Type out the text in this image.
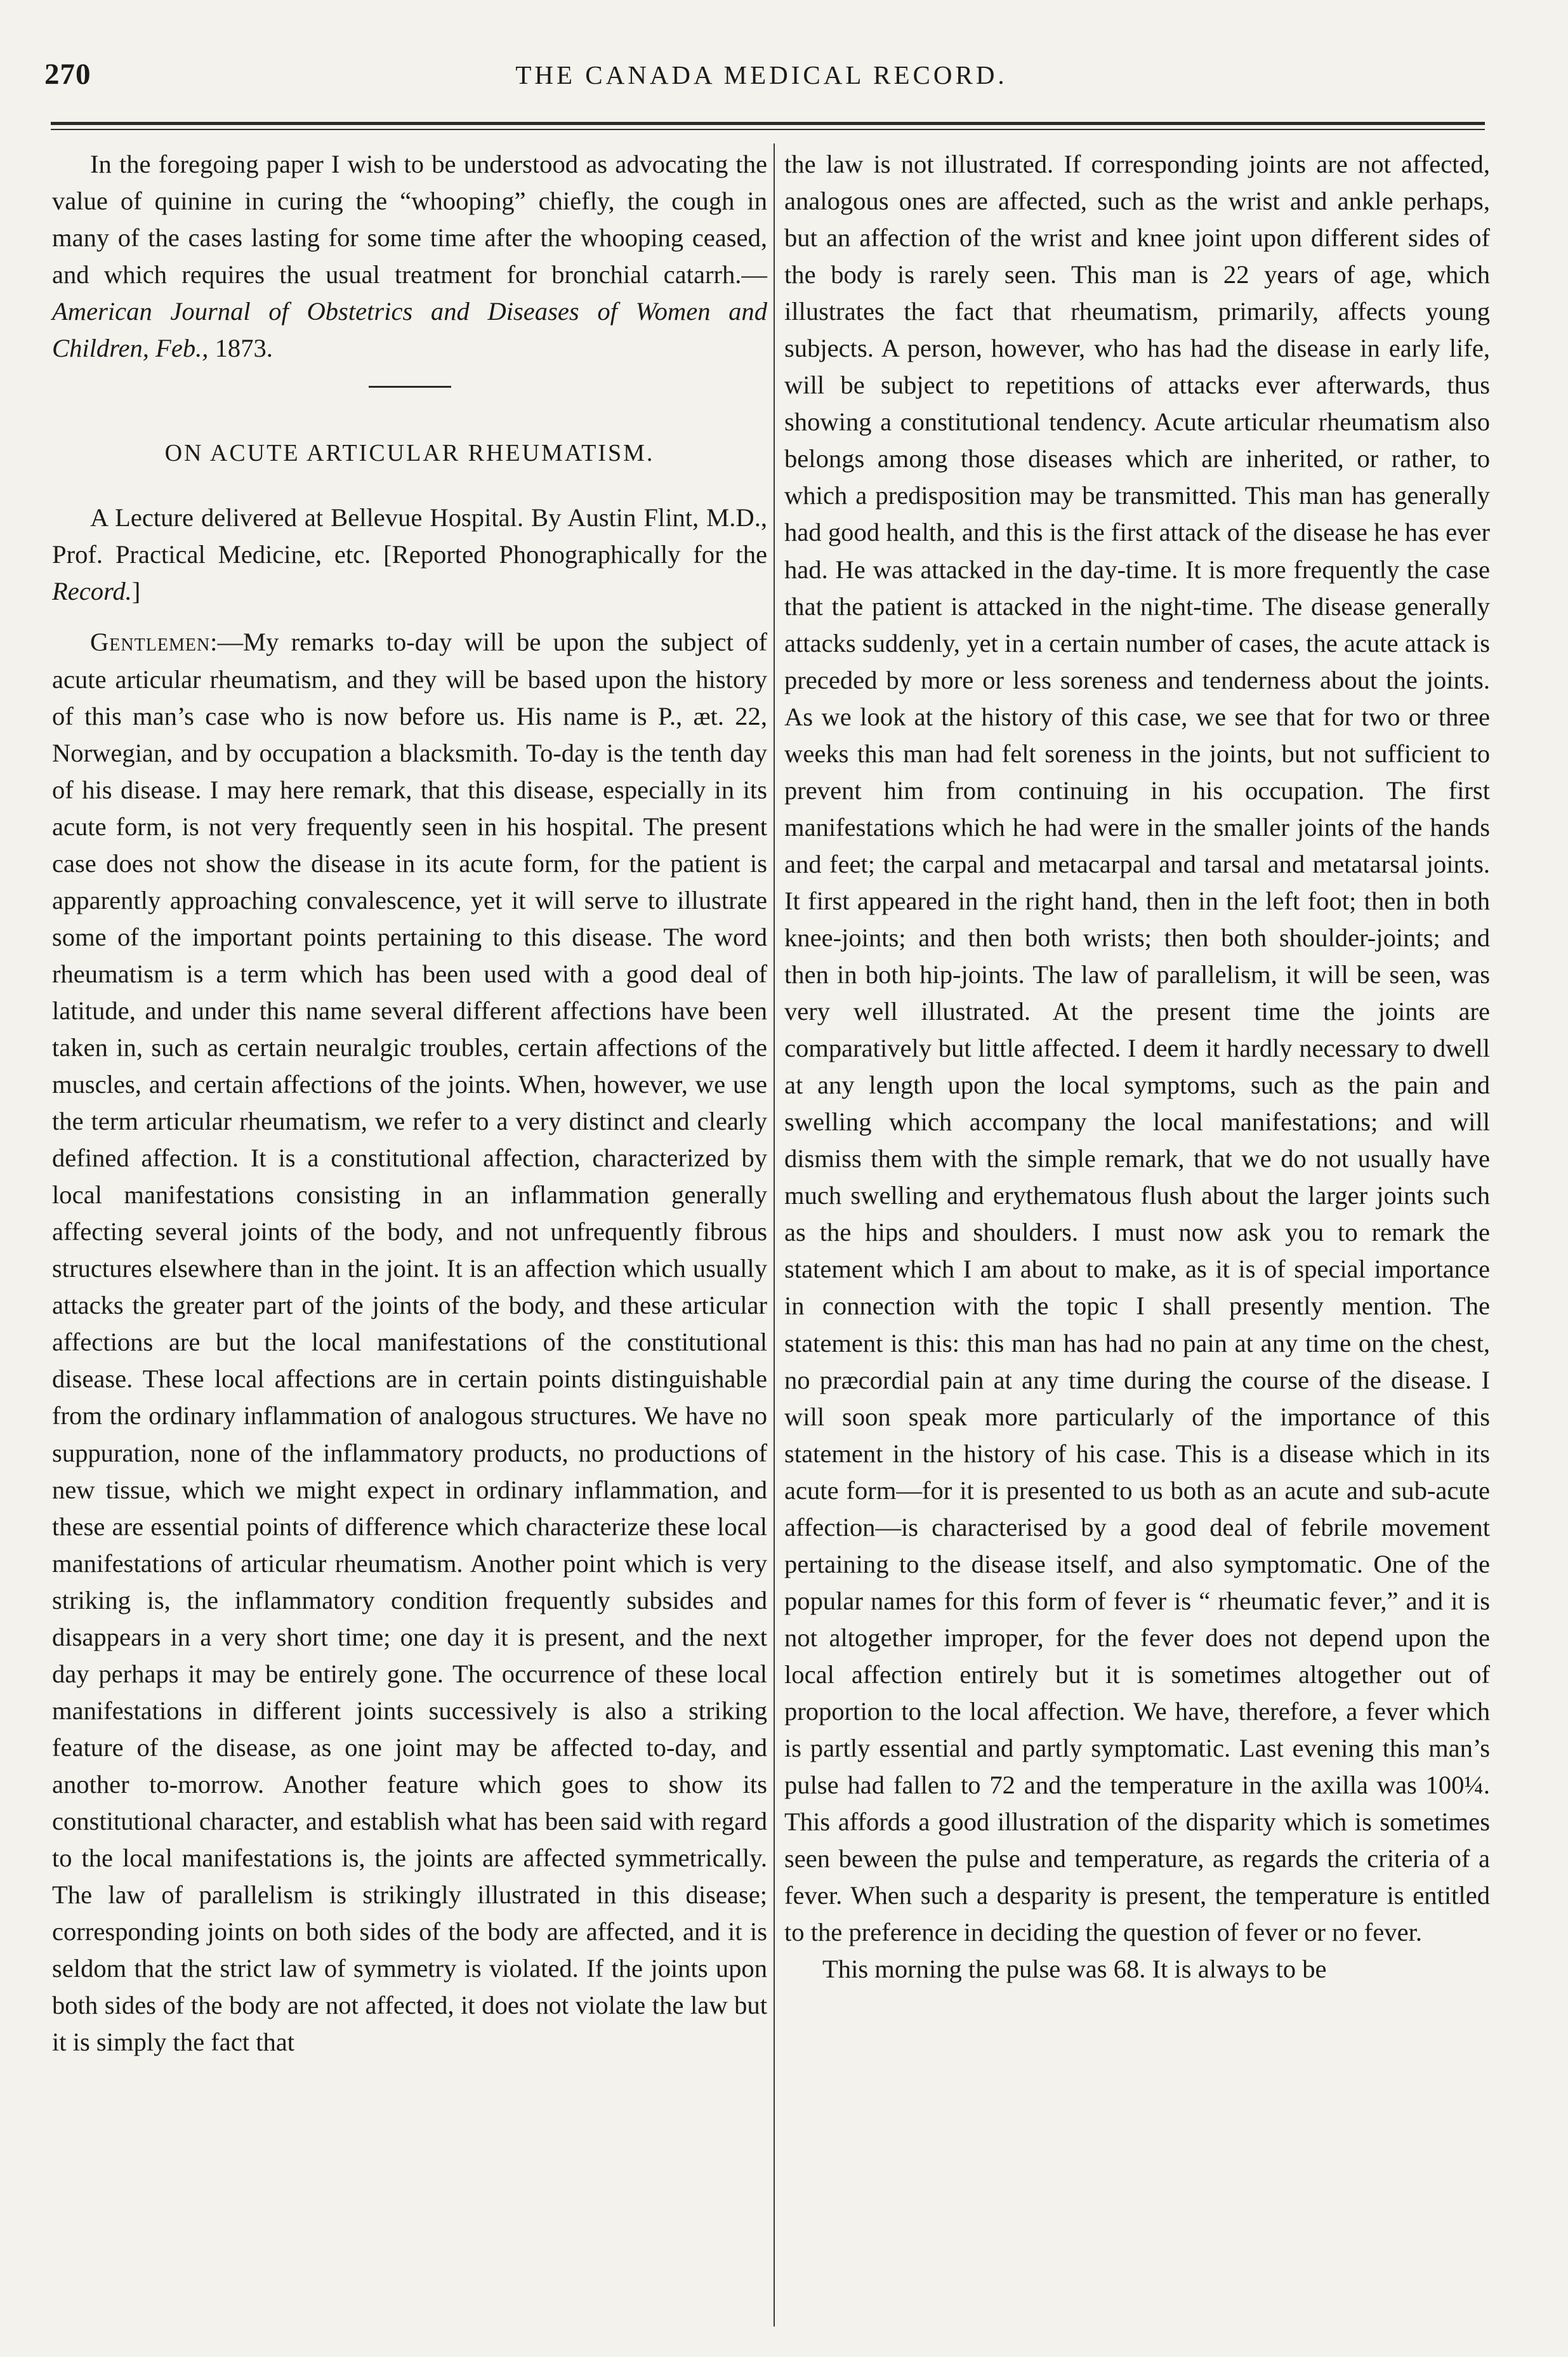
270	THE CANADA MEDICAL RECORD.

In the foregoing paper I wish to be understood as advocating the value of quinine in curing the “whooping” chiefly, the cough in many of the cases lasting for some time after the whooping ceased, and which requires the usual treatment for bronchial catarrh.— American Journal of Obstetrics and Diseases of Women and Children, Feb., 1873.

ON ACUTE ARTICULAR RHEUMATISM.

A Lecture delivered at Bellevue Hospital. By Austin Flint, M.D., Prof. Practical Medicine, etc. [Reported Phonographically for the Record.]

Gentlemen:—My remarks to-day will be upon the subject of acute articular rheumatism, and they will be based upon the history of this man’s case who is now before us. His name is P., æt. 22, Norwegian, and by occupation a blacksmith. To-day is the tenth day of his disease. I may here remark, that this disease, especially in its acute form, is not very frequently seen in his hospital. The present case does not show the disease in its acute form, for the patient is apparently approaching convalescence, yet it will serve to illustrate some of the important points pertaining to this disease. The word rheumatism is a term which has been used with a good deal of latitude, and under this name several different affections have been taken in, such as certain neuralgic troubles, certain affections of the muscles, and certain affections of the joints. When, however, we use the term articular rheumatism, we refer to a very distinct and clearly defined affection. It is a constitutional affection, characterized by local manifestations consisting in an inflammation generally affecting several joints of the body, and not unfrequently fibrous structures elsewhere than in the joint. It is an affection which usually attacks the greater part of the joints of the body, and these articular affections are but the local manifestations of the constitutional disease. These local affections are in certain points distinguishable from the ordinary inflammation of analogous structures. We have no suppuration, none of the inflammatory products, no productions of new tissue, which we might expect in ordinary inflammation, and these are essential points of difference which characterize these local manifestations of articular rheumatism. Another point which is very striking is, the inflammatory condition frequently subsides and disappears in a very short time; one day it is present, and the next day perhaps it may be entirely gone. The occurrence of these local manifestations in different joints successively is also a striking feature of the disease, as one joint may be affected to-day, and another to-morrow. Another feature which goes to show its constitutional character, and establish what has been said with regard to the local manifestations is, the joints are affected symmetrically. The law of parallelism is strikingly illustrated in this disease; corresponding joints on both sides of the body are affected, and it is seldom that the strict law of symmetry is violated. If the joints upon both sides of the body are not affected, it does not violate the law but it is simply the fact that

the law is not illustrated. If corresponding joints are not affected, analogous ones are affected, such as the wrist and ankle perhaps, but an affection of the wrist and knee joint upon different sides of the body is rarely seen. This man is 22 years of age, which illustrates the fact that rheumatism, primarily, affects young subjects. A person, however, who has had the disease in early life, will be subject to repetitions of attacks ever afterwards, thus showing a constitutional tendency. Acute articular rheumatism also belongs among those diseases which are inherited, or rather, to which a predisposition may be transmitted. This man has generally had good health, and this is the first attack of the disease he has ever had. He was attacked in the day-time. It is more frequently the case that the patient is attacked in the night-time. The disease generally attacks suddenly, yet in a certain number of cases, the acute attack is preceded by more or less soreness and tenderness about the joints. As we look at the history of this case, we see that for two or three weeks this man had felt soreness in the joints, but not sufficient to prevent him from continuing in his occupation. The first manifestations which he had were in the smaller joints of the hands and feet; the carpal and metacarpal and tarsal and metatarsal joints. It first appeared in the right hand, then in the left foot; then in both knee-joints; and then both wrists; then both shoulder-joints; and then in both hip-joints. The law of parallelism, it will be seen, was very well illustrated. At the present time the joints are comparatively but little affected. I deem it hardly necessary to dwell at any length upon the local symptoms, such as the pain and swelling which accompany the local manifestations; and will dismiss them with the simple remark, that we do not usually have much swelling and erythematous flush about the larger joints such as the hips and shoulders. I must now ask you to remark the statement which I am about to make, as it is of special importance in connection with the topic I shall presently mention. The statement is this: this man has had no pain at any time on the chest, no præcordial pain at any time during the course of the disease. I will soon speak more particularly of the importance of this statement in the history of his case. This is a disease which in its acute form—for it is presented to us both as an acute and sub-acute affection—is characterised by a good deal of febrile movement pertaining to the disease itself, and also symptomatic. One of the popular names for this form of fever is “ rheumatic fever,” and it is not altogether improper, for the fever does not depend upon the local affection entirely but it is sometimes altogether out of proportion to the local affection. We have, therefore, a fever which is partly essential and partly symptomatic. Last evening this man’s pulse had fallen to 72 and the temperature in the axilla was 100¼. This affords a good illustration of the disparity which is sometimes seen beween the pulse and temperature, as regards the criteria of a fever. When such a desparity is present, the temperature is entitled to the preference in deciding the question of fever or no fever.

This morning the pulse was 68. It is always to be
